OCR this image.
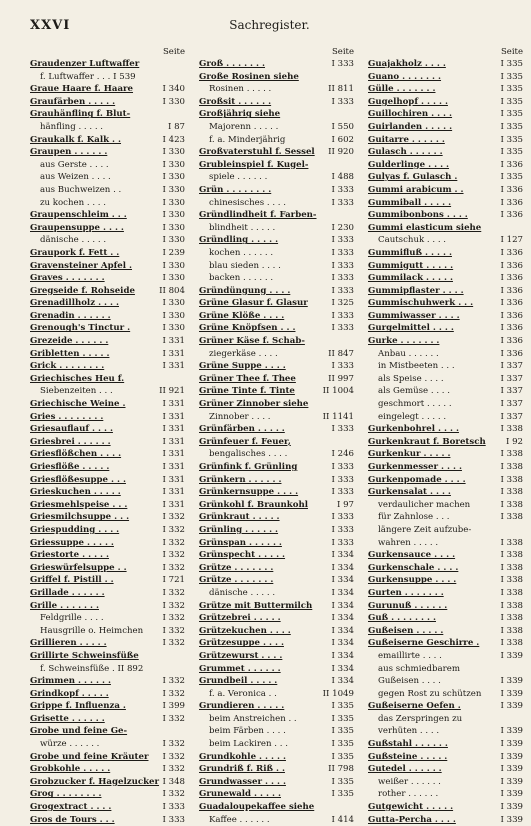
XXVI	Sachregister.
Seite
Graudenzer Luftwaffer
f. Luftwaffer . . . I 539
Graue Haare f. Haare	I 340
Graufärben . . . . .	I 330
Grauhänfling f. Blut-
hänfling . . . . .	I 87
Graukalk f. Kalk . .	I 423
Graupen . . . . . .	I 330
aus Gerste . . . .	I 330
aus Weizen . . . .	I 330
aus Buchweizen . .	I 330
zu kochen . . . .	I 330
Graupenschleim . . .	I 330
Graupensuppe . . . .	I 330
dänische . . . . .	I 330
Graupork f. Fett . .	I 239
Gravensteiner Apfel .	I 330
Graves . . . . . . .	I 330
Gregseide f. Rohseide	II 804
Grenadillholz . . . .	I 330
Grenadin . . . . . .	I 330
Grenough's Tinctur .	I 330
Grezeide . . . . . .	I 331
Gribletten . . . . .	I 331
Grick . . . . . . . .	I 331
Griechisches Heu f.
Siebenzeiten . . .	II 921
Griechische Weine .	I 331
Gries . . . . . . . .	I 331
Griesauflauf . . . .	I 331
Griesbrei . . . . . .	I 331
Griesflößchen . . . .	I 331
Griesflöße . . . . .	I 331
Griesflößesuppe . . .	I 331
Grieskuchen . . . . .	I 331
Griesmehlspeise . . .	I 331
Griesmilchsuppe . . .	I 332
Griespudding . . . .	I 332
Griessuppe . . . . .	I 332
Griestorte . . . . .	I 332
Grieswürfelsuppe . .	I 332
Griffel f. Pistill . .	I 721
Grillade . . . . . .	I 332
Grille . . . . . . .	I 332
Feldgrille . . . .	I 332
Hausgrille o. Heimchen I 332
Grillieren . . . . .	I 332
Grillirte Schweinsfüße
f. Schweinsfüße . II 892
Grimmen . . . . . .	I 332
Grindkopf . . . . .	I 332
Grippe f. Influenza .	I 399
Grisette . . . . . .	I 332
Grobe und feine Ge-
würze . . . . . .	I 332
Grobe und feine Kräuter I 332
Grobkohle . . . . .	I 332
Grobzucker f. Hagelzucker I 348
Grog . . . . . . . .	I 332
Grogextract . . . .	I 333
Gros de Tours . . .	I 333
Seite
Groß . . . . . . .	I 333
Große Rosinen siehe
Rosinen . . . . .	II 811
Großsit . . . . . .	I 333
Großjährig siehe
Majorenn . . . . .	I 550
f. a. Minderjährig	I 602
Großvaterstuhl f. Sessel II 920
Grubleinspiel f. Kugel-
spiele . . . . . .	I 488
Grün . . . . . . . .	I 333
chinesisches . . . .	I 333
Gründlindheit f. Farben-
blindheit . . . . .	I 230
Gründling . . . . .	I 333
kochen . . . . . .	I 333
blau sieden . . . .	I 333
backen . . . . . .	I 333
Gründüngung . . . .	I 333
Grüne Glasur f. Glasur	I 325
Grüne Klöße . . . .	I 333
Grüne Knöpfsen . . .	I 333
Grüner Käse f. Schab-
ziegerkäse . . . .	II 847
Grüne Suppe . . . .	I 333
Grüner Thee f. Thee	II 997
Grüne Tinte f. Tinte	II 1004
Grüner Zinnober siehe
Zinnober . . . .	II 1141
Grünfärben . . . . .	I 333
Grünfeuer f. Feuer,
bengalisches . . . .	I 246
Grünfink f. Grünling	I 333
Grünkern . . . . . .	I 333
Grünkernsuppe . . . .	I 333
Grünkohl f. Braunkohl	I 97
Grünkraut . . . . .	I 333
Grünling . . . . . .	I 333
Grünspan . . . . . .	I 333
Grünspecht . . . . .	I 334
Grütze . . . . . . .	I 334
Grütze . . . . . . .	I 334
dänische . . . . .	I 334
Grütze mit Buttermilch I 334
Grützebrei . . . . .	I 334
Grützekuchen . . . .	I 334
Grützesuppe . . . .	I 334
Grützewurst . . . .	I 334
Grummet . . . . . .	I 334
Grundbeil . . . . .	I 334
f. a. Veronica . .	II 1049
Grundieren . . . . .	I 335
beim Anstreichen . .	I 335
beim Färben . . . .	I 335
beim Lackiren . . .	I 335
Grundkohle . . . . .	I 335
Grundriß f. Riß . .	II 798
Grundwasser . . . .	I 335
Grunewald . . . . .	I 335
Guadaloupekaffee siehe
Kaffee . . . . . .	I 414
Seite
Guajakholz . . . .	I 335
Guano . . . . . . .	I 335
Gülle . . . . . . .	I 335
Gugelhopf . . . . .	I 335
Guillochiren . . . .	I 335
Guirlanden . . . . .	I 335
Guitarre . . . . . .	I 335
Gulasch . . . . . .	I 335
Gulderlinge . . . .	I 336
Gulyas f. Gulasch .	I 335
Gummi arabicum . .	I 336
Gummiball . . . . .	I 336
Gummibonbons . . . .	I 336
Gummi elasticum siehe
Cautschuk . . . .	I 127
Gummifluß . . . . .	I 336
Gummigutt . . . . .	I 336
Gummilack . . . . .	I 336
Gummipflaster . . . .	I 336
Gummischuhwerk . . .	I 336
Gummiwasser . . . .	I 336
Gurgelmittel . . . .	I 336
Gurke . . . . . . .	I 336
Anbau . . . . . .	I 336
in Mistbeeten . . .	I 337
als Speise . . . .	I 337
als Gemüse . . . .	I 337
geschmort . . . . .	I 337
eingelegt . . . . .	I 337
Gurkenbohrel . . . .	I 338
Gurkenkraut f. Boretsch I 92
Gurkenkur . . . . .	I 338
Gurkenmesser . . . .	I 338
Gurkenpomade . . . .	I 338
Gurkensalat . . . .	I 338
verdaulicher machen	I 338
für Zahnlose . . .	I 338
längere Zeit aufzube-
wahren . . . . .	I 338
Gurkensauce . . . .	I 338
Gurkenschale . . . .	I 338
Gurkensuppe . . . .	I 338
Gurten . . . . . . .	I 338
Gurunuß . . . . . .	I 338
Guß . . . . . . . .	I 338
Gußeisen . . . . .	I 338
Gußeiserne Geschirre . I 338
emaillirte . . . .	I 339
aus schmiedbarem
Gußeisen . . . .	I 339
gegen Rost zu schützen I 339
Gußeiserne Oefen .	I 339
das Zerspringen zu
verhüten . . . .	I 339
Gußstahl . . . . . .	I 339
Gußsteine . . . . .	I 339
Gutedel . . . . . .	I 339
weißer . . . . . .	I 339
rother . . . . . .	I 339
Gutgewicht . . . . .	I 339
Gutta-Percha . . . .	I 339
